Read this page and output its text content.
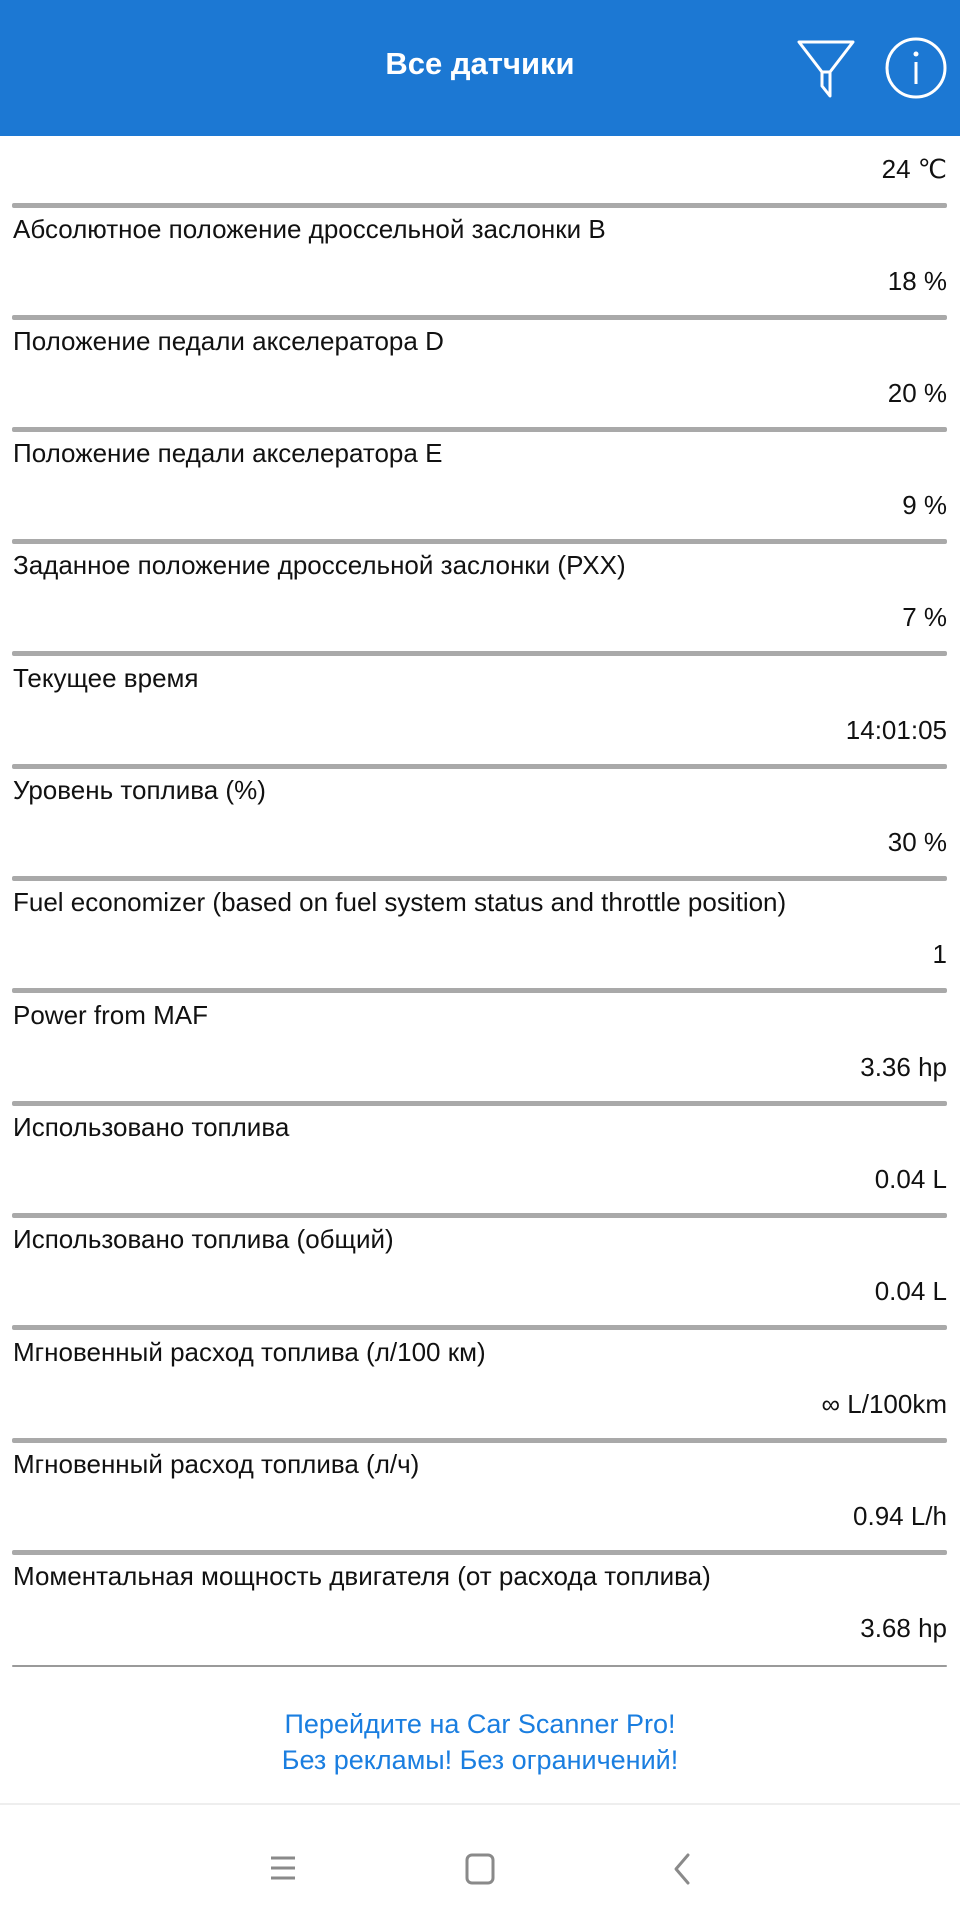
24 ℃
Абсолютное положение дроссельной заслонки B
18 %
Положение педали акселератора D
20 %
Положение педали акселератора E
9 %
Заданное положение дроссельной заслонки (РХХ)
7 %
Текущее время
14:01:05
Уровень топлива (%)
30 %
Fuel economizer (based on fuel system status and throttle position)
1
Power from MAF
3.36 hp
Использовано топлива
0.04 L
Использовано топлива (общий)
0.04 L
Мгновенный расход топлива (л/100 км)
∞ L/100km
Мгновенный расход топлива (л/ч)
0.94 L/h
Моментальная мощность двигателя (от расхода топлива)
3.68 hp
Все датчики
Перейдите на Car Scanner Pro!
Без рекламы! Без ограничений!
